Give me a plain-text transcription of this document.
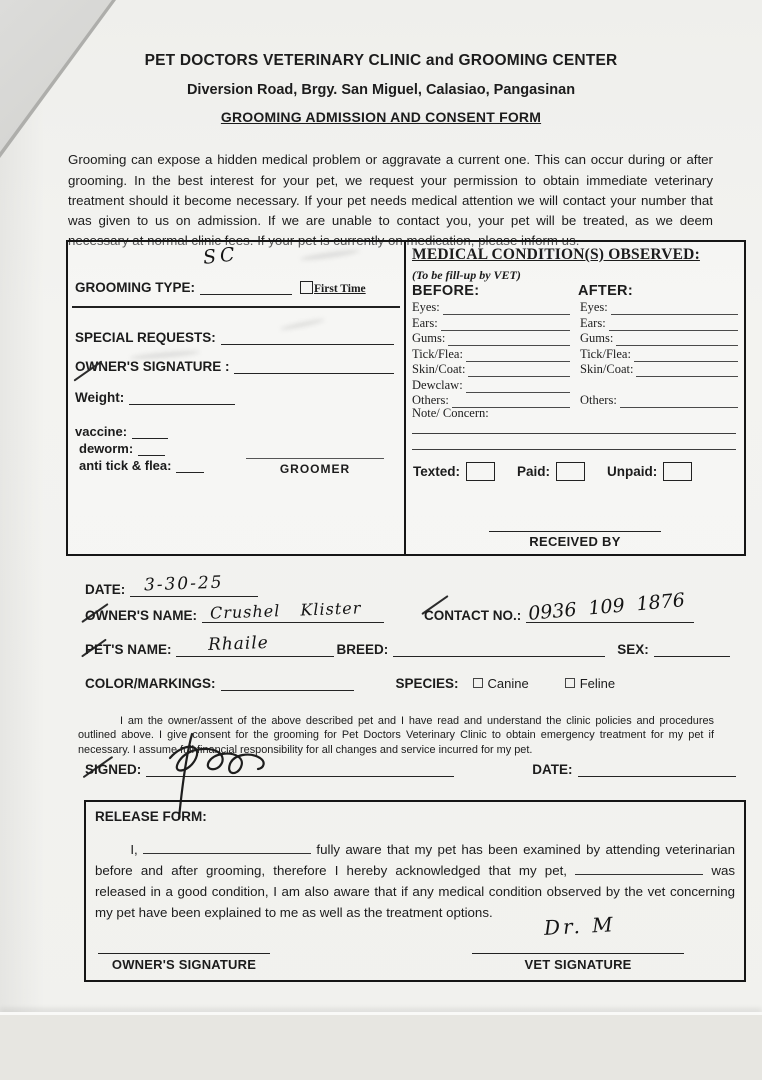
PET DOCTORS VETERINARY CLINIC and GROOMING CENTER
Diversion Road, Brgy. San Miguel, Calasiao, Pangasinan
GROOMING ADMISSION AND CONSENT FORM

Grooming can expose a hidden medical problem or aggravate a current one. This can occur during or after grooming. In the best interest for your pet, we request your permission to obtain immediate veterinary treatment should it become necessary. If your pet needs medical attention we will contact your number that was given to us on admission. If we are unable to contact you, your pet will be treated, as we deem necessary at normal clinic fees. If your pet is currently on medication, please inform us.

SC
GROOMING TYPE:	First Time
SPECIAL REQUESTS:
OWNER'S SIGNATURE :
Weight:
vaccine:
deworm:
anti tick & flea:	GROOMER
MEDICAL CONDITION(S) OBSERVED:
(To be fill-up by VET)
BEFORE:	AFTER:
Eyes:	Eyes:
Ears:	Ears:
Gums:	Gums:
Tick/Flea:	Tick/Flea:
Skin/Coat:	Skin/Coat:
Dewclaw:
Others:	Others:
Note/ Concern:
Texted:	Paid:	Unpaid:
RECEIVED BY
DATE: 3-30-25
OWNER'S NAME: Crushel Klister	CONTACT NO.: 0936 109 1876
PET'S NAME: Rhaile	BREED:	SEX:
COLOR/MARKINGS:	SPECIES: Canine	Feline

I am the owner/assent of the above described pet and I have read and understand the clinic policies and procedures outlined above. I give consent for the grooming for Pet Doctors Veterinary Clinic to obtain emergency treatment for my pet if necessary. I assume full financial responsibility for all changes and service incurred for my pet.

SIGNED:	DATE:
RELEASE FORM:

I,	fully aware that my pet has been examined by attending veterinarian before and after grooming, therefore I hereby acknowledged that my pet,	was released in a good condition, I am also aware that if any medical condition observed by the vet concerning my pet have been explained to me as well as the treatment options.

OWNER'S SIGNATURE
Dr. M
VET SIGNATURE
